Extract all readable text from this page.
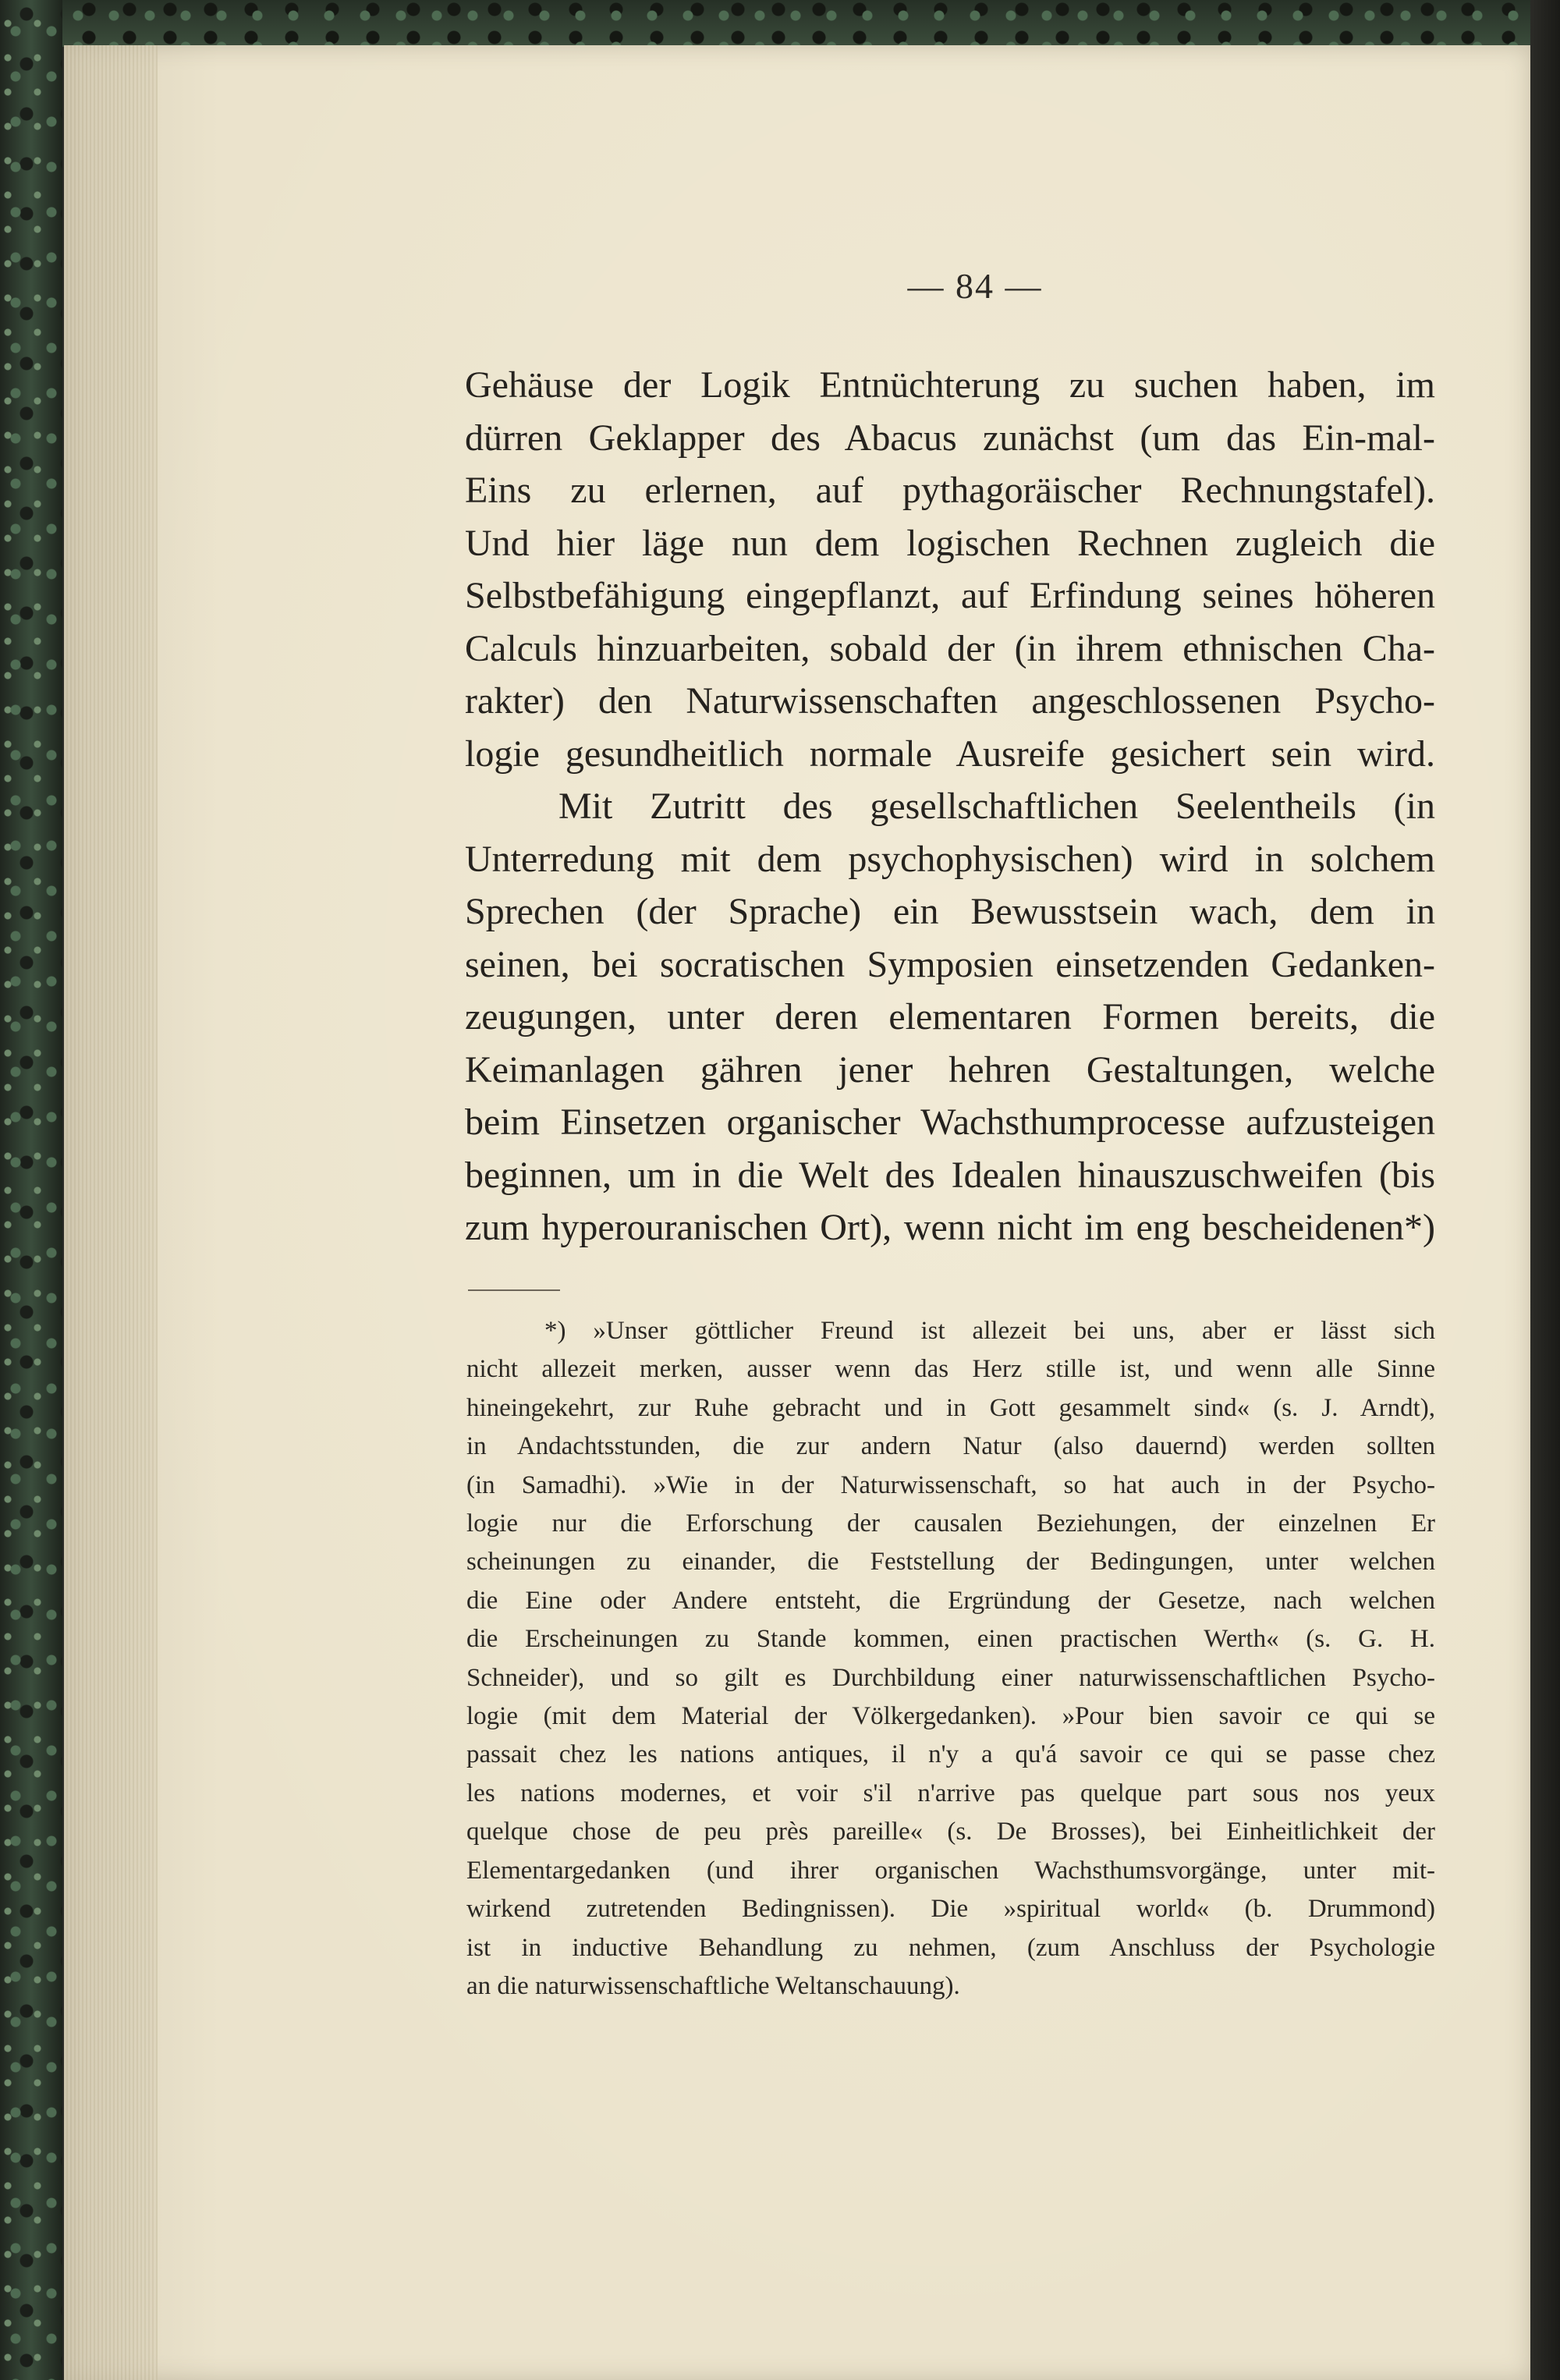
— 84 —
Gehäuse der Logik Entnüchterung zu suchen haben, im
dürren Geklapper des Abacus zunächst (um das Ein-mal-
Eins zu erlernen, auf pythagoräischer Rechnungstafel).
Und hier läge nun dem logischen Rechnen zugleich die
Selbstbefähigung eingepflanzt, auf Erfindung seines höheren
Calculs hinzuarbeiten, sobald der (in ihrem ethnischen Cha-
rakter) den Naturwissenschaften angeschlossenen Psycho-
logie gesundheitlich normale Ausreife gesichert sein wird.
Mit Zutritt des gesellschaftlichen Seelentheils (in
Unterredung mit dem psychophysischen) wird in solchem
Sprechen (der Sprache) ein Bewusstsein wach, dem in
seinen, bei socratischen Symposien einsetzenden Gedanken-
zeugungen, unter deren elementaren Formen bereits, die
Keimanlagen gähren jener hehren Gestaltungen, welche
beim Einsetzen organischer Wachsthumprocesse aufzusteigen
beginnen, um in die Welt des Idealen hinauszuschweifen (bis
zum hyperouranischen Ort), wenn nicht im eng bescheidenen*)
*) »Unser göttlicher Freund ist allezeit bei uns, aber er lässt sich
nicht allezeit merken, ausser wenn das Herz stille ist, und wenn alle Sinne
hineingekehrt, zur Ruhe gebracht und in Gott gesammelt sind« (s. J. Arndt),
in Andachtsstunden, die zur andern Natur (also dauernd) werden sollten
(in Samadhi). »Wie in der Naturwissenschaft, so hat auch in der Psycho-
logie nur die Erforschung der causalen Beziehungen, der einzelnen Er
scheinungen zu einander, die Feststellung der Bedingungen, unter welchen
die Eine oder Andere entsteht, die Ergründung der Gesetze, nach welchen
die Erscheinungen zu Stande kommen, einen practischen Werth« (s. G. H.
Schneider), und so gilt es Durchbildung einer naturwissenschaftlichen Psycho-
logie (mit dem Material der Völkergedanken). »Pour bien savoir ce qui se
passait chez les nations antiques, il n'y a qu'á savoir ce qui se passe chez
les nations modernes, et voir s'il n'arrive pas quelque part sous nos yeux
quelque chose de peu près pareille« (s. De Brosses), bei Einheitlichkeit der
Elementargedanken (und ihrer organischen Wachsthumsvorgänge, unter mit-
wirkend zutretenden Bedingnissen). Die »spiritual world« (b. Drummond)
ist in inductive Behandlung zu nehmen, (zum Anschluss der Psychologie
an die naturwissenschaftliche Weltanschauung).
